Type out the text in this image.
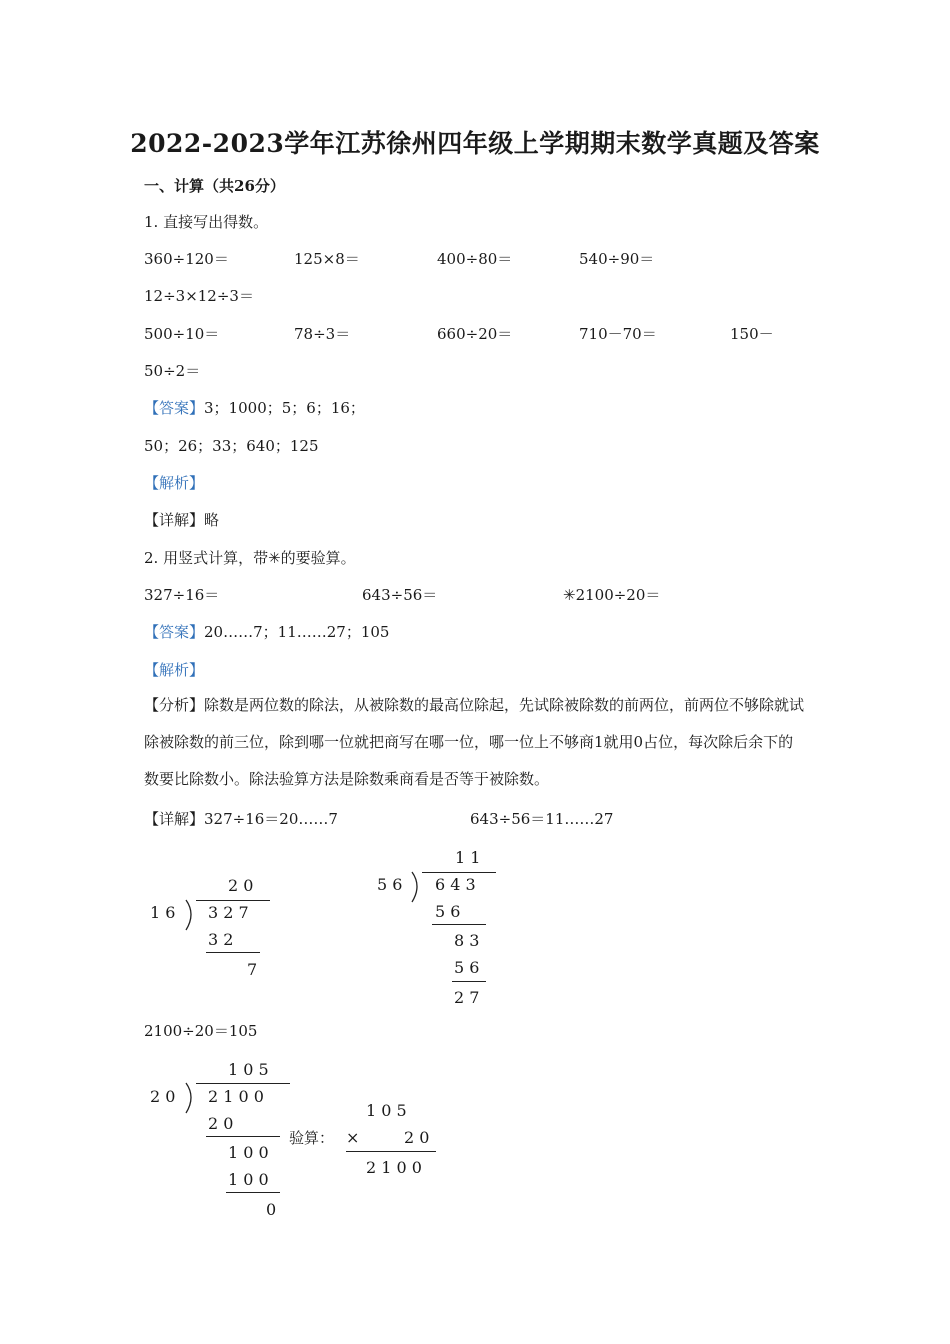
2022-2023学年江苏徐州四年级上学期期末数学真题及答案
一、计算（共26分）
1. 直接写出得数。
360÷120＝	125×8＝	400÷80＝	540÷90＝
12÷3×12÷3＝
500÷10＝	78÷3＝	660÷20＝	710－70＝	150－
50÷2＝
【答案】3；1000；5；6；16；
50；26；33；640；125
【解析】
【详解】略
2. 用竖式计算，带✳的要验算。
327÷16＝	643÷56＝	✳2100÷20＝
【答案】20……7；11……27；105
【解析】
【分析】除数是两位数的除法，从被除数的最高位除起，先试除被除数的前两位，前两位不够除就试除被除数的前三位，除到哪一位就把商写在哪一位，哪一位上不够商1就用0占位，每次除后余下的数要比除数小。除法验算方法是除数乘商看是否等于被除数。
【详解】327÷16＝20……7	643÷56＝11……27
2 0
1 6 3 2 7
3 2
7
1 1
5 6 6 4 3
5 6
8 3
5 6
2 7
2100÷20＝105
1 0 5
2 0 2 1 0 0
2 0
1 0 0
1 0 0
0
验算：
1 0 5
×	2 0
2 1 0 0
